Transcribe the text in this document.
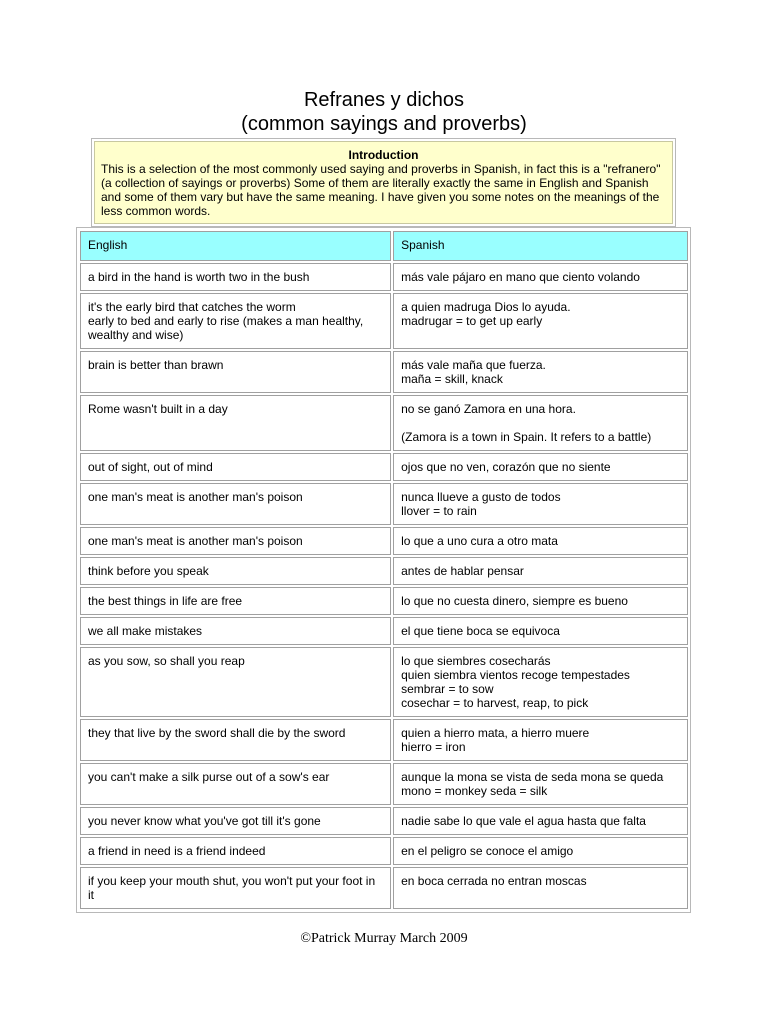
Refranes y dichos
(common sayings and proverbs)
Introduction
This is a selection of the most commonly used saying and proverbs in Spanish, in fact this is a "refranero" (a collection of sayings or proverbs) Some of them are literally exactly the same in English and Spanish and some of them vary but have the same meaning. I have given you some notes on the meanings of the less common words.
English	Spanish

a bird in the hand is worth two in the bush	más vale pájaro en mano que ciento volando

it's the early bird that catches the worm
early to bed and early to rise (makes a man healthy, wealthy and wise)	a quien madruga Dios lo ayuda.
madrugar = to get up early

brain is better than brawn	más vale maña que fuerza.
maña = skill, knack

Rome wasn't built in a day	no se ganó Zamora en una hora.
(Zamora is a town in Spain. It refers to a battle)

out of sight, out of mind	ojos que no ven, corazón que no siente

one man's meat is another man's poison	nunca llueve a gusto de todos
llover = to rain

one man's meat is another man's poison	lo que a uno cura a otro mata

think before you speak	antes de hablar pensar

the best things in life are free	lo que no cuesta dinero, siempre es bueno

we all make mistakes	el que tiene boca se equivoca

as you sow, so shall you reap	lo que siembres cosecharás
quien siembra vientos recoge tempestades
sembrar = to sow
cosechar = to harvest, reap, to pick

they that live by the sword shall die by the sword	quien a hierro mata, a hierro muere
hierro = iron

you can't make a silk purse out of a sow's ear	aunque la mona se vista de seda mona se queda
mono = monkey seda = silk

you never know what you've got till it's gone	nadie sabe lo que vale el agua hasta que falta

a friend in need is a friend indeed	en el peligro se conoce el amigo

if you keep your mouth shut, you won't put your foot in it	en boca cerrada no entran moscas
©Patrick Murray March 2009
